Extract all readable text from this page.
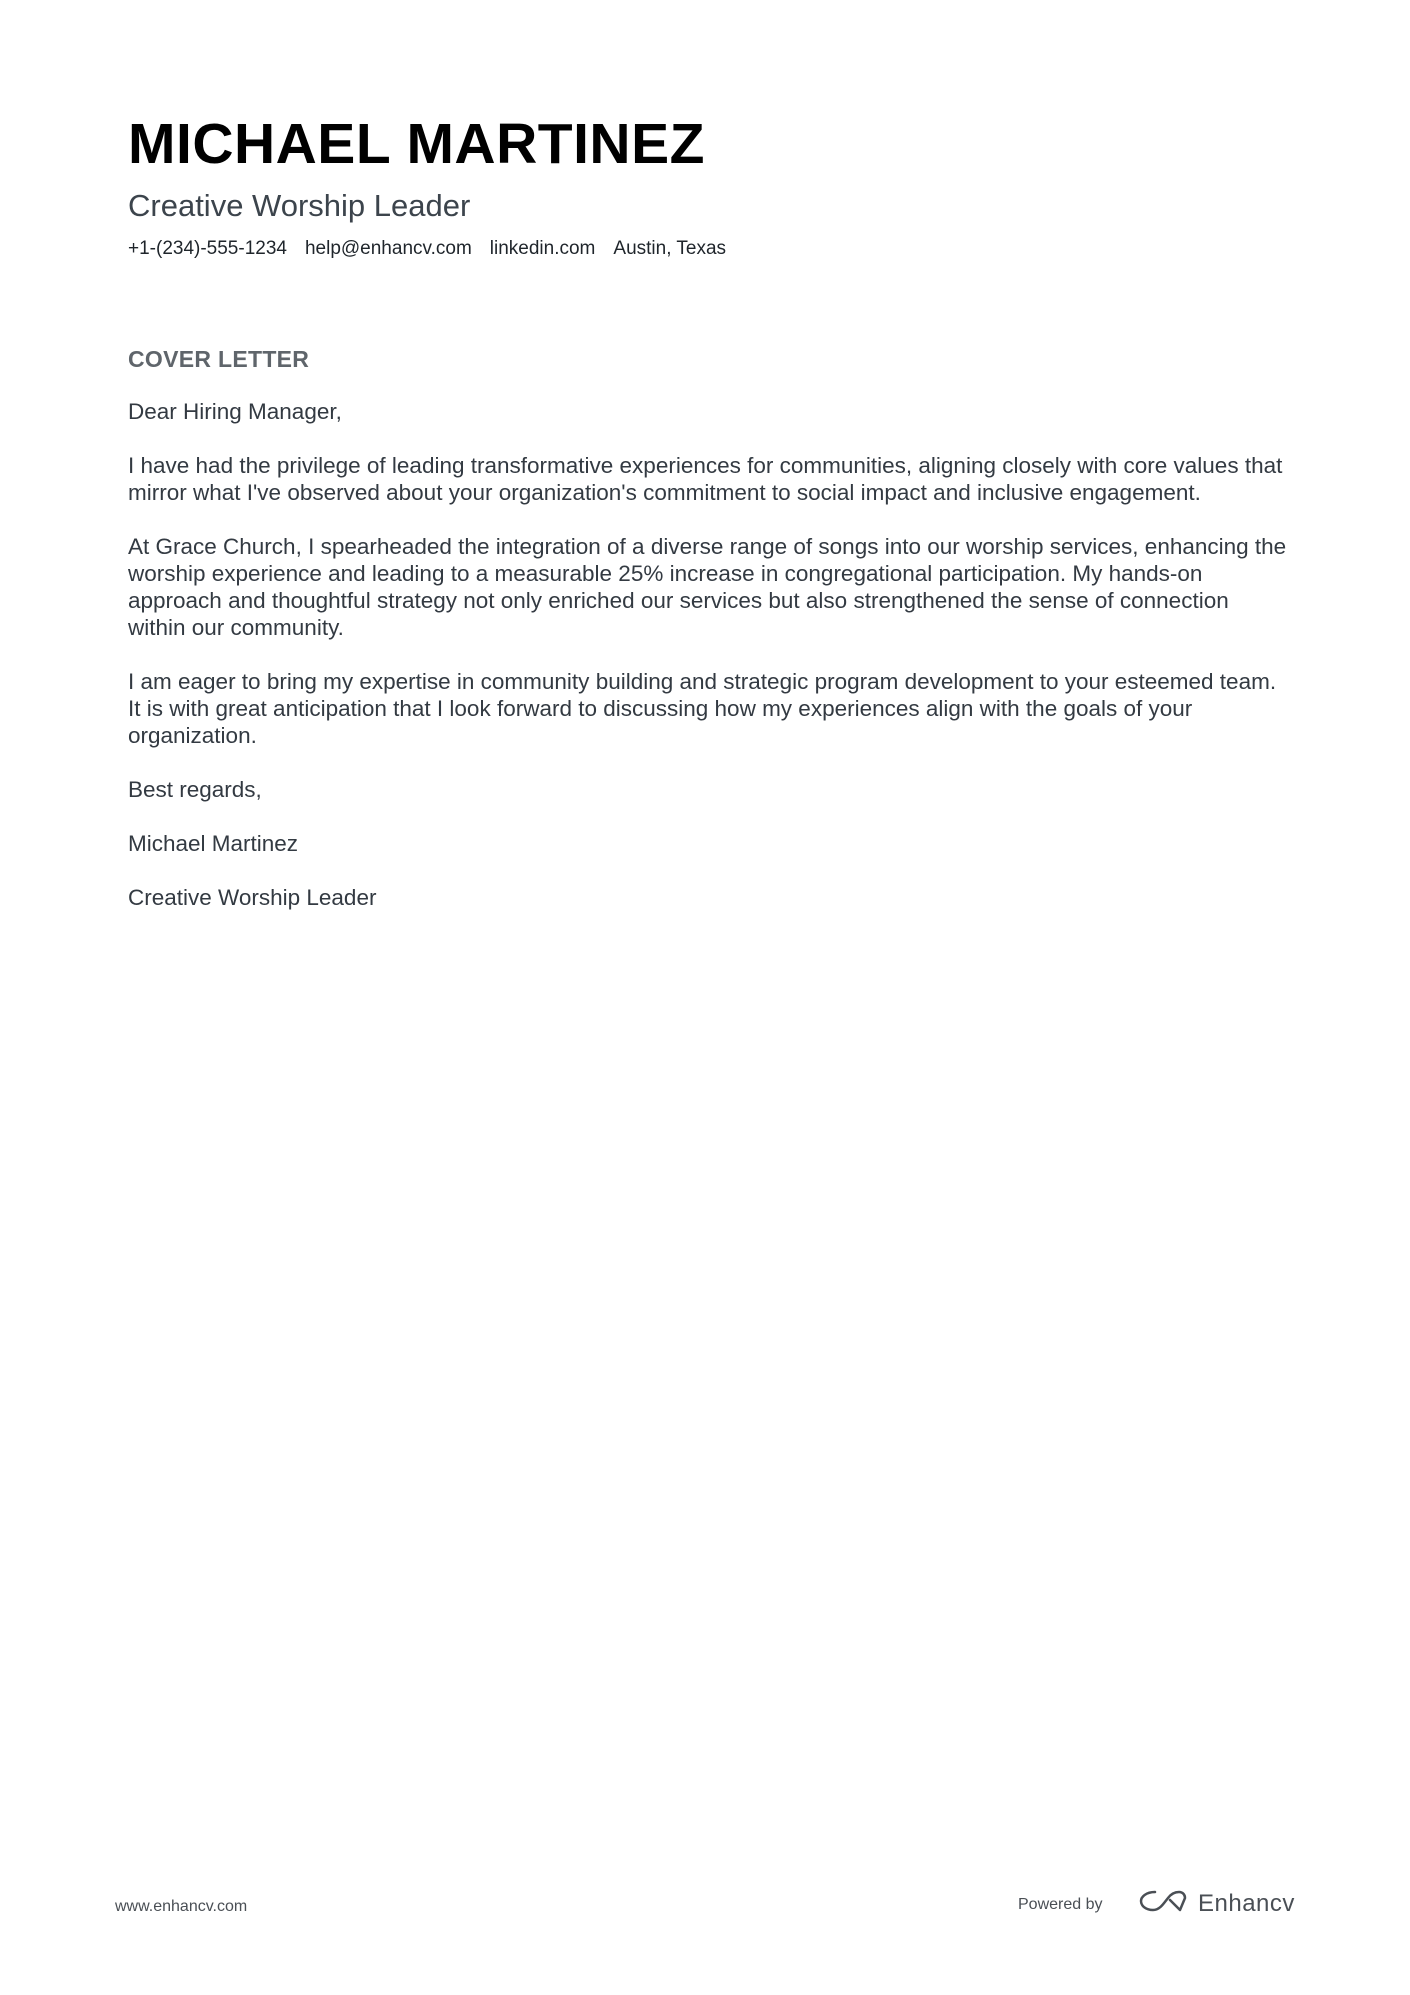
MICHAEL MARTINEZ
Creative Worship Leader
+1-(234)-555-1234 help@enhancv.com linkedin.com Austin, Texas
COVER LETTER

Dear Hiring Manager,

I have had the privilege of leading transformative experiences for communities, aligning closely with core values that mirror what I've observed about your organization's commitment to social impact and inclusive engagement.

At Grace Church, I spearheaded the integration of a diverse range of songs into our worship services, enhancing the worship experience and leading to a measurable 25% increase in congregational participation. My hands-on approach and thoughtful strategy not only enriched our services but also strengthened the sense of connection within our community.

I am eager to bring my expertise in community building and strategic program development to your esteemed team. It is with great anticipation that I look forward to discussing how my experiences align with the goals of your organization.

Best regards,

Michael Martinez

Creative Worship Leader

www.enhancv.com	Powered by	Enhancv
